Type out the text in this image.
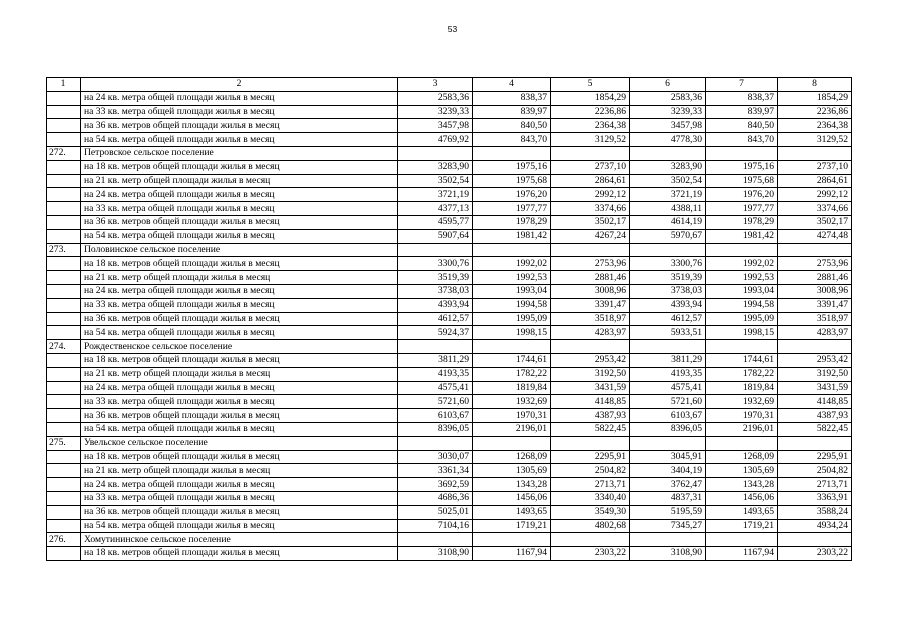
53
1	2	3	4	5	6	7	8
	на 24 кв. метра общей площади жилья в месяц	2583,36	838,37	1854,29	2583,36	838,37	1854,29
	на 33 кв. метра общей площади жилья в месяц	3239,33	839,97	2236,86	3239,33	839,97	2236,86
	на 36 кв. метров общей площади жилья в месяц	3457,98	840,50	2364,38	3457,98	840,50	2364,38
	на 54 кв. метра общей площади жилья в месяц	4769,92	843,70	3129,52	4778,30	843,70	3129,52
272.	Петровское сельское поселение						
	на 18 кв. метров общей площади жилья в месяц	3283,90	1975,16	2737,10	3283,90	1975,16	2737,10
	на 21 кв. метр общей площади жилья в месяц	3502,54	1975,68	2864,61	3502,54	1975,68	2864,61
	на 24 кв. метра общей площади жилья в месяц	3721,19	1976,20	2992,12	3721,19	1976,20	2992,12
	на 33 кв. метра общей площади жилья в месяц	4377,13	1977,77	3374,66	4388,11	1977,77	3374,66
	на 36 кв. метров общей площади жилья в месяц	4595,77	1978,29	3502,17	4614,19	1978,29	3502,17
	на 54 кв. метра общей площади жилья в месяц	5907,64	1981,42	4267,24	5970,67	1981,42	4274,48
273.	Половинское сельское поселение						
	на 18 кв. метров общей площади жилья в месяц	3300,76	1992,02	2753,96	3300,76	1992,02	2753,96
	на 21 кв. метр общей площади жилья в месяц	3519,39	1992,53	2881,46	3519,39	1992,53	2881,46
	на 24 кв. метра общей площади жилья в месяц	3738,03	1993,04	3008,96	3738,03	1993,04	3008,96
	на 33 кв. метра общей площади жилья в месяц	4393,94	1994,58	3391,47	4393,94	1994,58	3391,47
	на 36 кв. метров общей площади жилья в месяц	4612,57	1995,09	3518,97	4612,57	1995,09	3518,97
	на 54 кв. метра общей площади жилья в месяц	5924,37	1998,15	4283,97	5933,51	1998,15	4283,97
274.	Рождественское сельское поселение						
	на 18 кв. метров общей площади жилья в месяц	3811,29	1744,61	2953,42	3811,29	1744,61	2953,42
	на 21 кв. метр общей площади жилья в месяц	4193,35	1782,22	3192,50	4193,35	1782,22	3192,50
	на 24 кв. метра общей площади жилья в месяц	4575,41	1819,84	3431,59	4575,41	1819,84	3431,59
	на 33 кв. метра общей площади жилья в месяц	5721,60	1932,69	4148,85	5721,60	1932,69	4148,85
	на 36 кв. метров общей площади жилья в месяц	6103,67	1970,31	4387,93	6103,67	1970,31	4387,93
	на 54 кв. метра общей площади жилья в месяц	8396,05	2196,01	5822,45	8396,05	2196,01	5822,45
275.	Увельское сельское поселение						
	на 18 кв. метров общей площади жилья в месяц	3030,07	1268,09	2295,91	3045,91	1268,09	2295,91
	на 21 кв. метр общей площади жилья в месяц	3361,34	1305,69	2504,82	3404,19	1305,69	2504,82
	на 24 кв. метра общей площади жилья в месяц	3692,59	1343,28	2713,71	3762,47	1343,28	2713,71
	на 33 кв. метра общей площади жилья в месяц	4686,36	1456,06	3340,40	4837,31	1456,06	3363,91
	на 36 кв. метров общей площади жилья в месяц	5025,01	1493,65	3549,30	5195,59	1493,65	3588,24
	на 54 кв. метра общей площади жилья в месяц	7104,16	1719,21	4802,68	7345,27	1719,21	4934,24
276.	Хомутининское сельское поселение						
	на 18 кв. метров общей площади жилья в месяц	3108,90	1167,94	2303,22	3108,90	1167,94	2303,22
